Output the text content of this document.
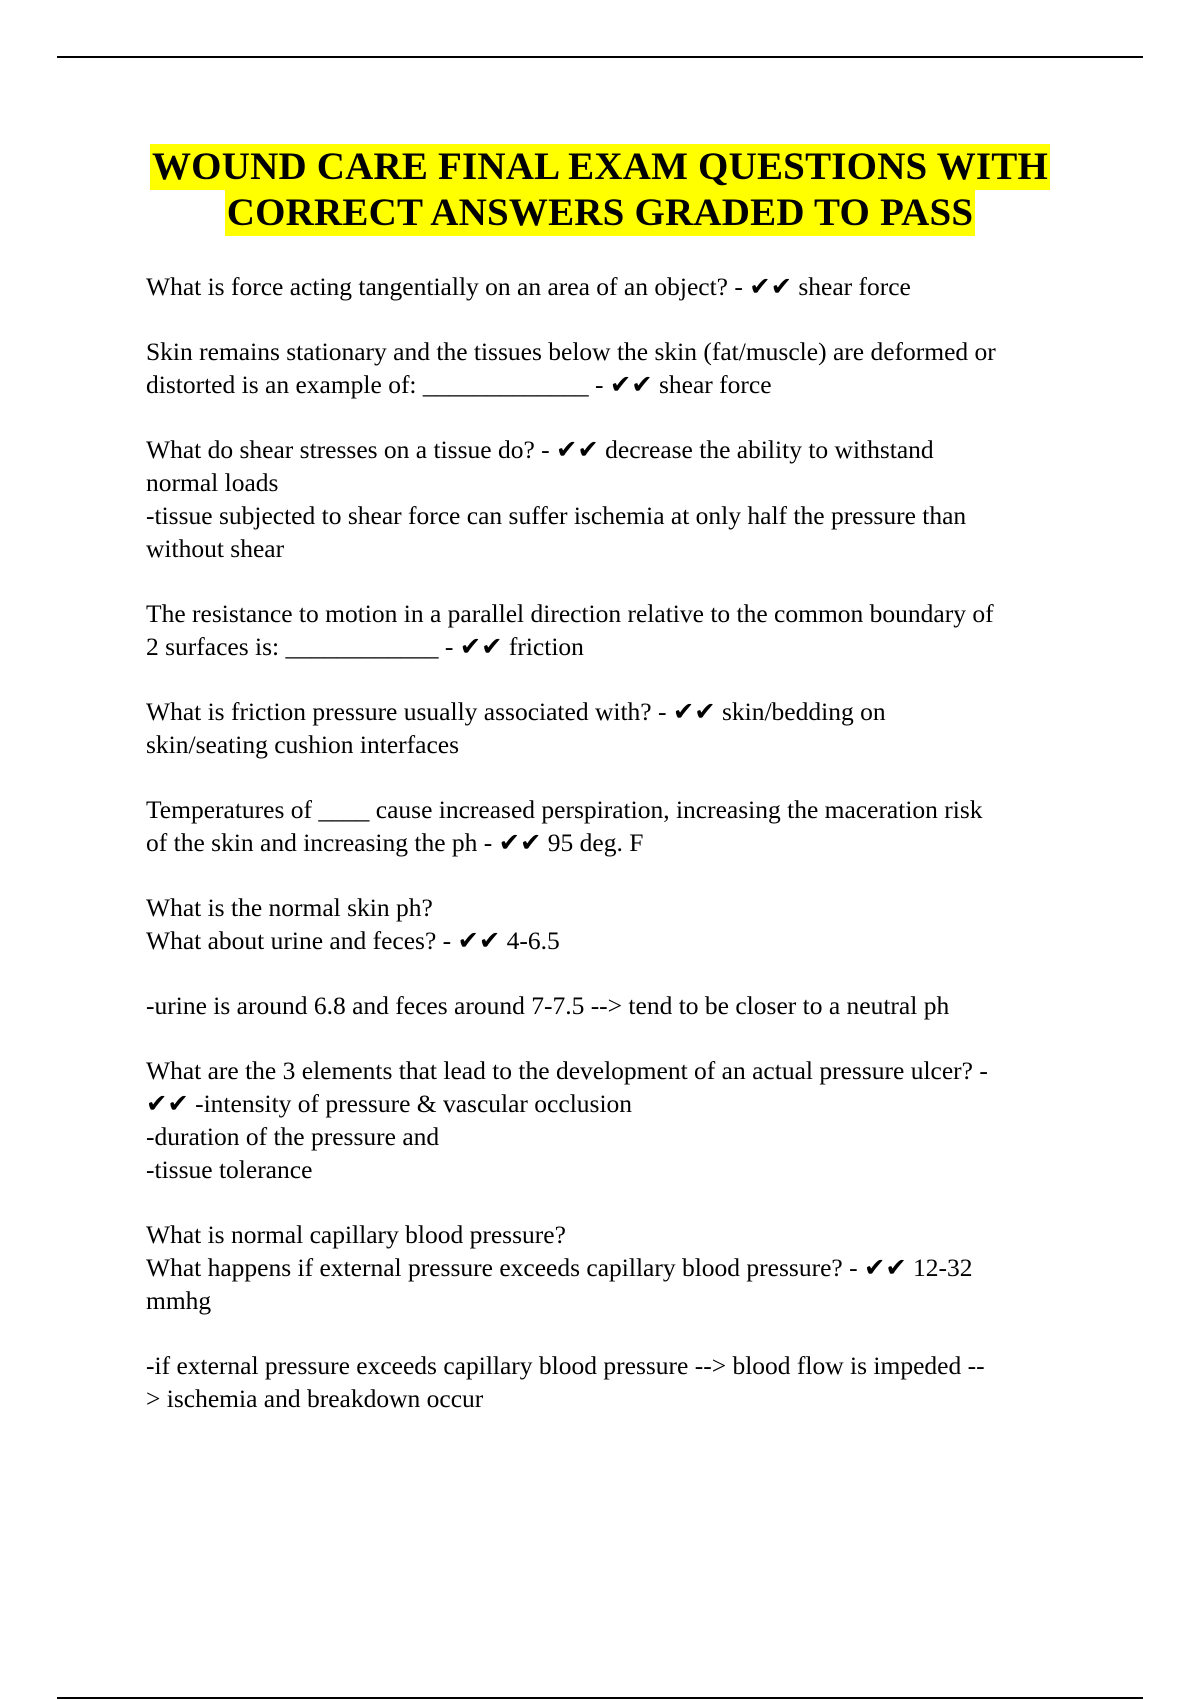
WOUND CARE FINAL EXAM QUESTIONS WITH
CORRECT ANSWERS GRADED TO PASS
What is force acting tangentially on an area of an object? - ✔✔ shear force
Skin remains stationary and the tissues below the skin (fat/muscle) are deformed or
distorted is an example of: _____________ - ✔✔ shear force
What do shear stresses on a tissue do? - ✔✔ decrease the ability to withstand
normal loads
-tissue subjected to shear force can suffer ischemia at only half the pressure than
without shear
The resistance to motion in a parallel direction relative to the common boundary of
2 surfaces is: ____________ - ✔✔ friction
What is friction pressure usually associated with? - ✔✔ skin/bedding on
skin/seating cushion interfaces
Temperatures of ____ cause increased perspiration, increasing the maceration risk
of the skin and increasing the ph - ✔✔ 95 deg. F
What is the normal skin ph?
What about urine and feces? - ✔✔ 4-6.5
-urine is around 6.8 and feces around 7-7.5 --> tend to be closer to a neutral ph
What are the 3 elements that lead to the development of an actual pressure ulcer? -
✔✔ -intensity of pressure & vascular occlusion
-duration of the pressure and
-tissue tolerance
What is normal capillary blood pressure?
What happens if external pressure exceeds capillary blood pressure? - ✔✔ 12-32
mmhg
-if external pressure exceeds capillary blood pressure --> blood flow is impeded --
> ischemia and breakdown occur
